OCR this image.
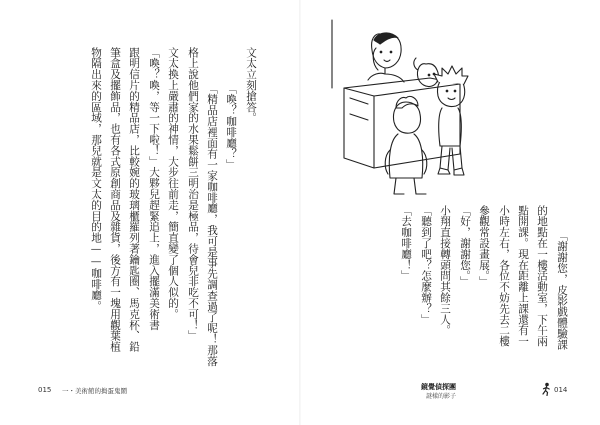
文太立刻搶答。
「喚？咖啡廳？」
「精品店裡面有一家咖啡廳，我可是事先調查過了呢！那落
格上說他們家的水果鬆餅三明治是極品，待會兒非吃不可！」
文太換上嚴肅的神情，大步往前走，簡直變了個人似的。
「喚？喚，等一下啦！」大夥兒趕緊追上，進入擺滿美術書
跟明信片的精品店，比較婉的玻璃櫃羅列著鑰匙圈、馬克杯、鉛
筆盒及擺飾品，也有各式原創商品及雜貨，後方有一塊用觀葉植
物隔出來的區域，那兒就是文太的目的地——咖啡廳。
015 一・美術館的搗蛋鬼鬧
「謝謝您，皮影戲體驗課
的地點在一樓活動室，下午兩
點開課。現在距離上課還有一
小時左右，各位不妨先去二樓
參觀常設畫展。」
「好，謝謝您。」
小翔直接轉頭問其餘三人。
「聽到了吧？怎麼辦？」
「去咖啡廳！」
鏡覺偵探團
謎樣的影子
014
